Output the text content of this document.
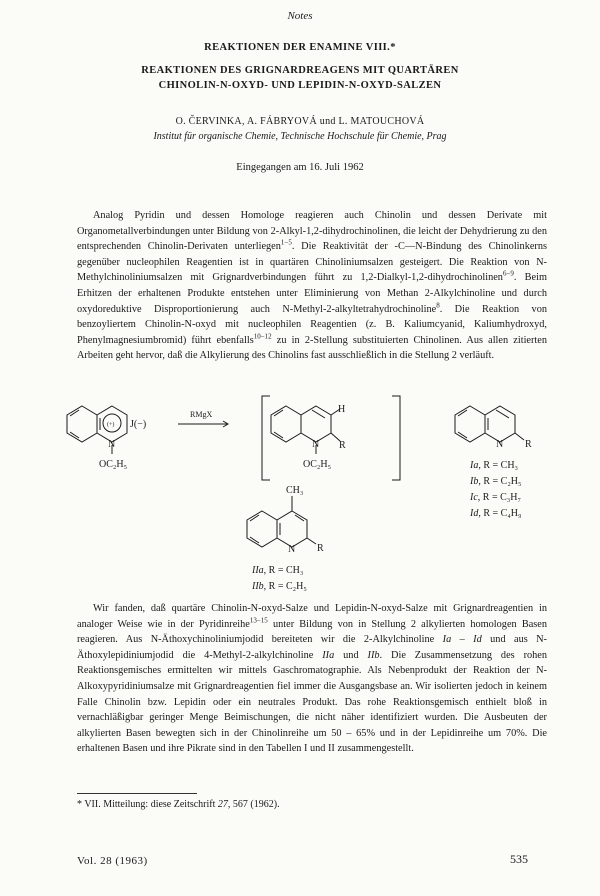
Notes
REAKTIONEN DER ENAMINE VIII.*
REAKTIONEN DES GRIGNARDREAGENS MIT QUARTÄREN
CHINOLIN-N-OXYD- UND LEPIDIN-N-OXYD-SALZEN
O. ČERVINKA, A. FÁBRYOVÁ und L. MATOUCHOVÁ
Institut für organische Chemie, Technische Hochschule für Chemie, Prag
Eingegangen am 16. Juli 1962

Analog Pyridin und dessen Homologe reagieren auch Chinolin und dessen Derivate mit Organometallverbindungen unter Bildung von 2-Alkyl-1,2-dihydrochinolinen, die leicht der Dehydrierung zu den entsprechenden Chinolin-Derivaten unterliegen$^{1-5}$. Die Reaktivität der -C—N-Bindung des Chinolinkerns gegenüber nucleophilen Reagentien ist in quartären Chinoliniumsalzen gesteigert. Die Reaktion von N-Methylchinoliniumsalzen mit Grignardverbindungen führt zu 1,2-Dialkyl-1,2-dihydrochinolinen$^{6-9}$. Beim Erhitzen der erhaltenen Produkte entstehen unter Eliminierung von Methan 2-Alkylchinoline und durch oxydoreduktive Disproportionierung auch N-Methyl-2-alkyltetrahydrochinoline$^8$. Die Reaktion von benzoyliertem Chinolin-N-oxyd mit nucleophilen Reagentien (z. B. Kaliumcyanid, Kaliumhydroxyd, Phenylmagnesiumbromid) führt ebenfalls$^{10-12}$ zu in 2-Stellung substituierten Chinolinen. Aus allen zitierten Arbeiten geht hervor, daß die Alkylierung des Chinolins fast ausschließlich in die Stellung 2 verläuft.

J(−)
(+)
N
OC₂H₅
RMgX
N
H
R
OC₂H₅
N R
CH₃
N R
Ia, R = CH₃
Ib, R = C₂H₅
Ic, R = C₃H₇
Id, R = C₄H₉
IIa, R = CH₃
IIb, R = C₂H₅

Wir fanden, daß quartäre Chinolin-N-oxyd-Salze und Lepidin-N-oxyd-Salze mit Grignardreagentien in analoger Weise wie in der Pyridinreihe$^{13-15}$ unter Bildung von in Stellung 2 alkylierten homologen Basen reagieren. Aus N-Äthoxychinoliniumjodid bereiteten wir die 2-Alkylchinoline Ia – Id und aus N-Äthoxylepidiniumjodid die 4-Methyl-2-alkylchinoline IIa und IIb. Die Zusammensetzung des rohen Reaktionsgemisches ermittelten wir mittels Gaschromatographie. Als Nebenprodukt der Reaktion der N-Alkoxypyridiniumsalze mit Grignardreagentien fiel immer die Ausgangsbase an. Wir isolierten jedoch in keinem Falle Chinolin bzw. Lepidin oder ein neutrales Produkt. Das rohe Reaktionsgemisch enthielt bloß in vernachläßigbar geringer Menge Beimischungen, die nicht näher identifiziert wurden. Die Ausbeuten der alkylierten Basen bewegten sich in der Chinolinreihe um 50 – 65% und in der Lepidinreihe um 70%. Die erhaltenen Basen und ihre Pikrate sind in den Tabellen I und II zusammengestellt.

* VII. Mitteilung: diese Zeitschrift 27, 567 (1962).

Vol. 28 (1963)	535
